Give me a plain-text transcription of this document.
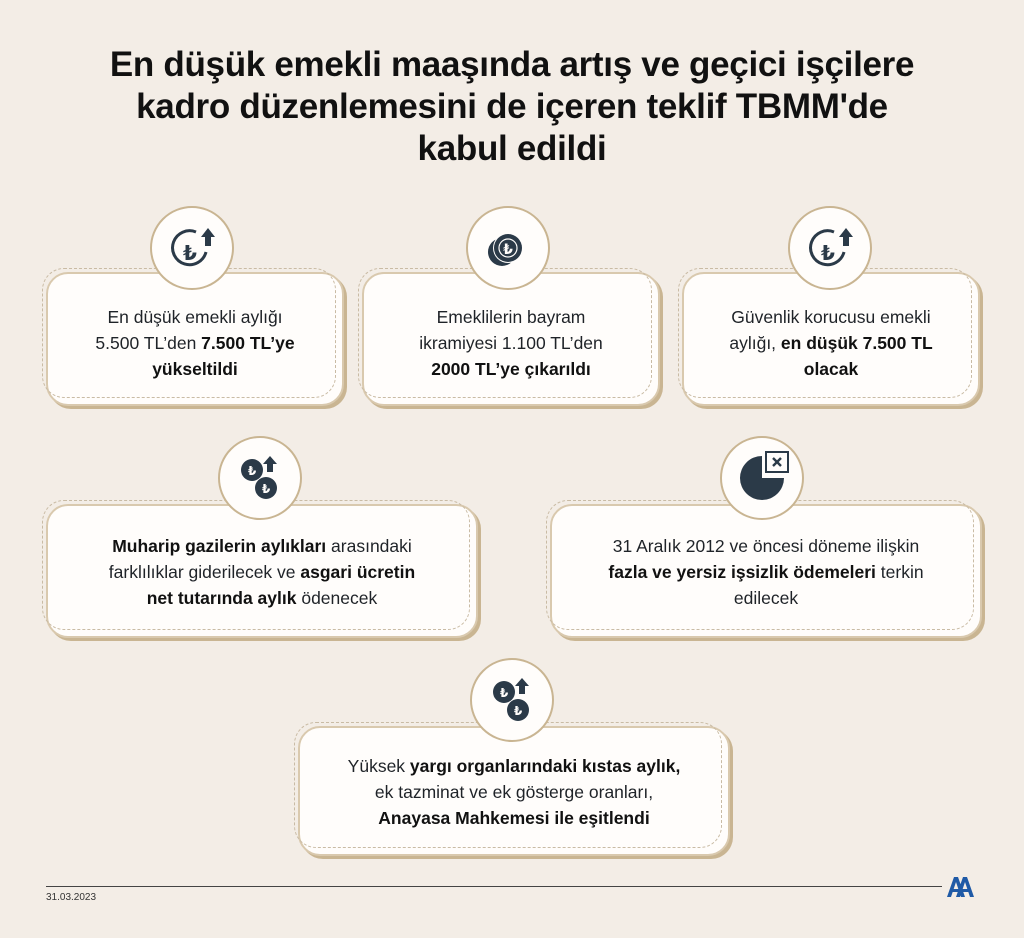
En düşük emekli maaşında artış ve geçici işçilere
kadro düzenlemesini de içeren teklif TBMM'de
kabul edildi
En düşük emekli aylığı
5.500 TL’den 7.500 TL’ye
yükseltildi
₺
Emeklilerin bayram
ikramiyesi 1.100 TL’den
2000 TL’ye çıkarıldı
₺
Güvenlik korucusu emekli
aylığı, en düşük 7.500 TL
olacak
₺
Muharip gazilerin aylıkları arasındaki
farklılıklar giderilecek ve asgari ücretin
net tutarında aylık ödenecek
₺
₺
31 Aralık 2012 ve öncesi döneme ilişkin
fazla ve yersiz işsizlik ödemeleri terkin
edilecek
Yüksek yargı organlarındaki kıstas aylık,
ek tazminat ve ek gösterge oranları,
Anayasa Mahkemesi ile eşitlendi
₺
₺
31.03.2023
